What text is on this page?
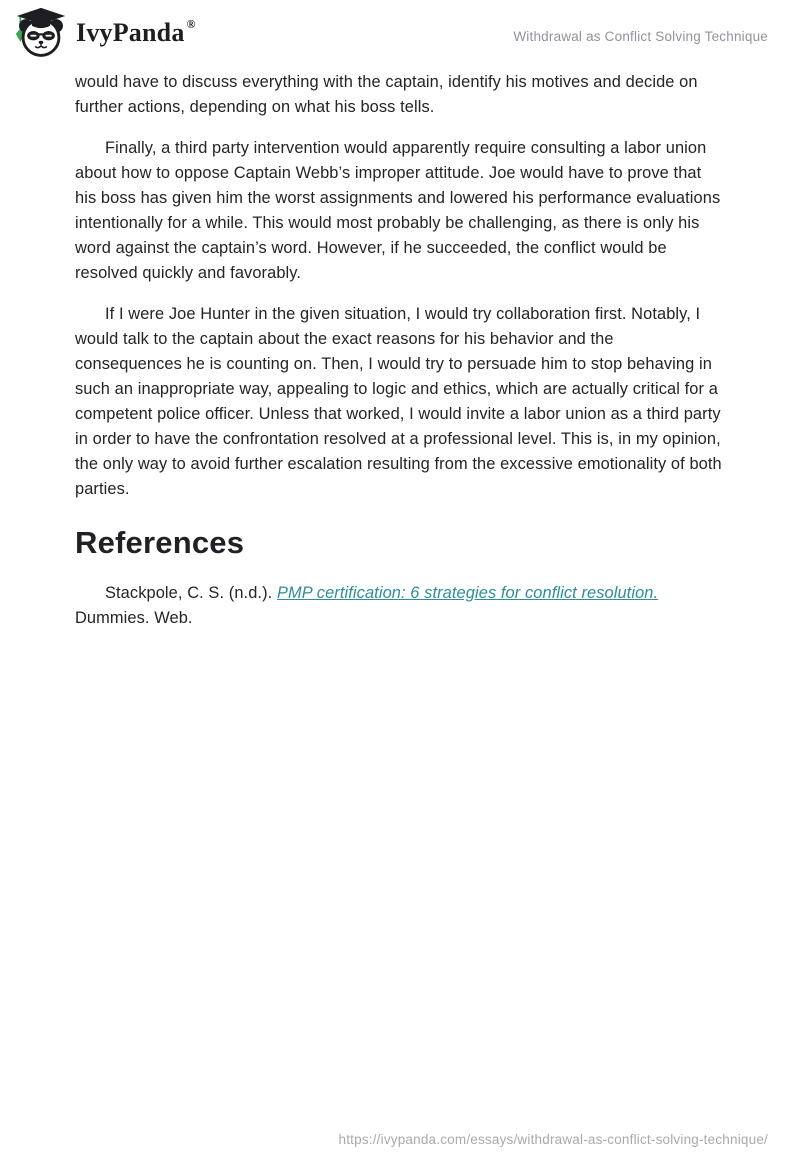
IvyPanda ®
Withdrawal as Conflict Solving Technique

would have to discuss everything with the captain, identify his motives and decide on further actions, depending on what his boss tells.

Finally, a third party intervention would apparently require consulting a labor union about how to oppose Captain Webb’s improper attitude. Joe would have to prove that his boss has given him the worst assignments and lowered his performance evaluations intentionally for a while. This would most probably be challenging, as there is only his word against the captain’s word. However, if he succeeded, the conflict would be resolved quickly and favorably.

If I were Joe Hunter in the given situation, I would try collaboration first. Notably, I would talk to the captain about the exact reasons for his behavior and the consequences he is counting on. Then, I would try to persuade him to stop behaving in such an inappropriate way, appealing to logic and ethics, which are actually critical for a competent police officer. Unless that worked, I would invite a labor union as a third party in order to have the confrontation resolved at a professional level. This is, in my opinion, the only way to avoid further escalation resulting from the excessive emotionality of both parties.

References

Stackpole, C. S. (n.d.). PMP certification: 6 strategies for conflict resolution. Dummies. Web.

https://ivypanda.com/essays/withdrawal-as-conflict-solving-technique/
